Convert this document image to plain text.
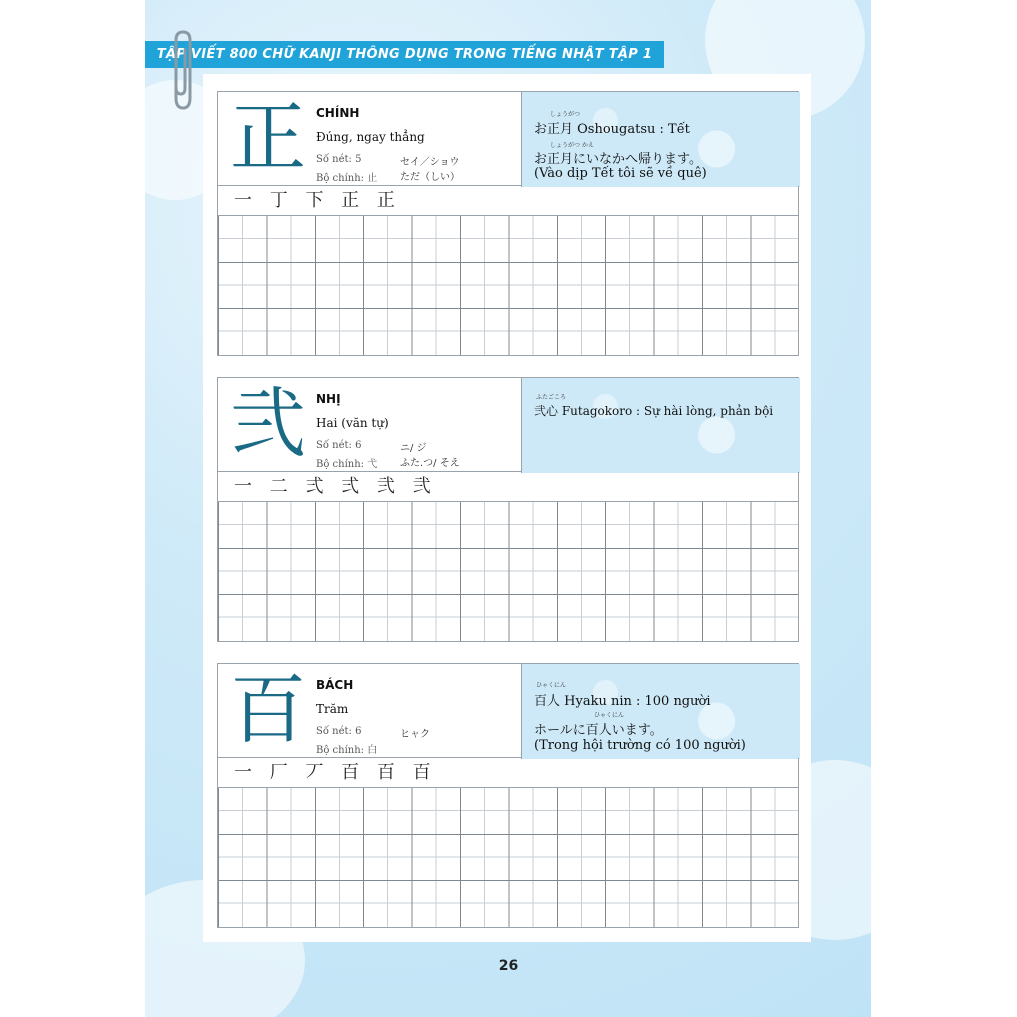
TẬP VIẾT 800 CHỮ KANJI THÔNG DỤNG TRONG TIẾNG NHẬT TẬP 1
正 CHÍNH
Đúng, ngay thẳng
Số nét: 5
Bộ chính: 止
セイ／ショウ
ただ（しい）
しょうがつ
お正月 Oshougatsu : Tết
しょうがつ かえ
お正月にいなかへ帰ります。
(Vào dịp Tết tôi sẽ về quê)
一 丁 下 正 正
弐 NHỊ
Hai (văn tự)
Số nét: 6
Bộ chính: 弋
ニ/ ジ
ふた.つ/ そえ
ふたごころ
弐心 Futagokoro : Sự hài lòng, phản bội
一 二 弍 弍 弐 弐
百 BÁCH
Trăm
Số nét: 6
Bộ chính: 白
ヒャク
ひゃくにん
百人 Hyaku nin : 100 người
ひゃくにん
ホールに百人います。
(Trong hội trường có 100 người)
一 厂 丆 百 百 百
26
